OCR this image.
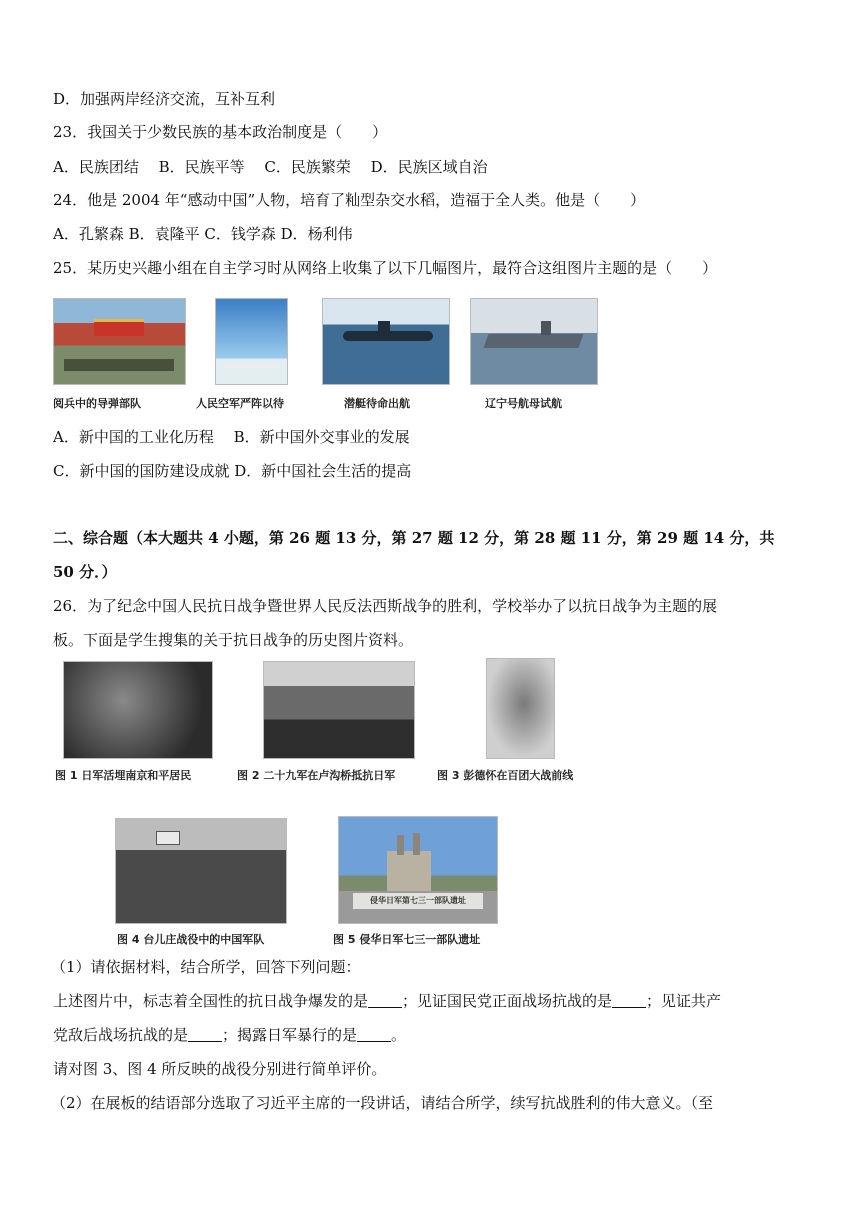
D．加强两岸经济交流，互补互利
23．我国关于少数民族的基本政治制度是（　　）
A．民族团结　 B．民族平等　 C．民族繁荣　 D．民族区域自治
24．他是 2004 年“感动中国”人物，培育了籼型杂交水稻，造福于全人类。他是（　　）
A．孔繁森 B．袁隆平 C．钱学森 D．杨利伟
25．某历史兴趣小组在自主学习时从网络上收集了以下几幅图片，最符合这组图片主题的是（　　）
阅兵中的导弹部队	人民空军严阵以待	潜艇待命出航	辽宁号航母试航
A．新中国的工业化历程　 B．新中国外交事业的发展
C．新中国的国防建设成就 D．新中国社会生活的提高
二、综合题（本大题共 4 小题，第 26 题 13 分，第 27 题 12 分，第 28 题 11 分，第 29 题 14 分，共
50 分．）
26．为了纪念中国人民抗日战争暨世界人民反法西斯战争的胜利，学校举办了以抗日战争为主题的展
板。下面是学生搜集的关于抗日战争的历史图片资料。
图 1 日军活埋南京和平居民	图 2 二十九军在卢沟桥抵抗日军	图 3 彭德怀在百团大战前线
图 4 台儿庄战役中的中国军队
侵华日军第七三一部队遗址
图 5 侵华日军七三一部队遗址
（1）请依据材料，结合所学，回答下列问题：
上述图片中，标志着全国性的抗日战争爆发的是 ；见证国民党正面战场抗战的是 ；见证共产
党敌后战场抗战的是 ；揭露日军暴行的是 。
请对图 3、图 4 所反映的战役分别进行简单评价。
（2）在展板的结语部分选取了习近平主席的一段讲话，请结合所学，续写抗战胜利的伟大意义。（至
